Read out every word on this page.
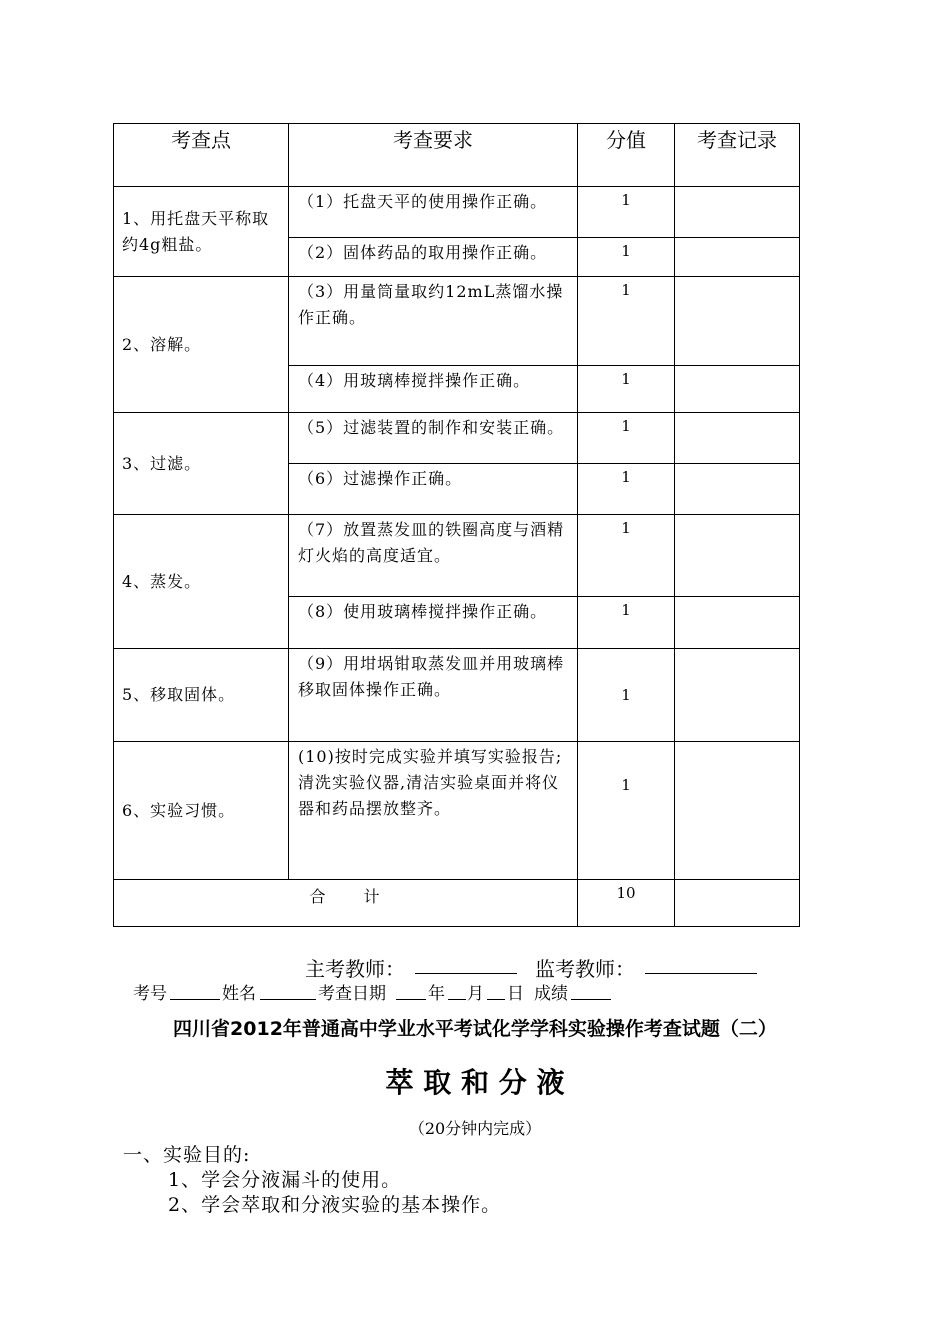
考查点	考查要求	分值	考查记录
1、用托盘天平称取约4g粗盐。	（1）托盘天平的使用操作正确。	1	
	（2）固体药品的取用操作正确。	1	
2、溶解。	（3）用量筒量取约12mL蒸馏水操作正确。	1	
	（4）用玻璃棒搅拌操作正确。	1	
3、过滤。	（5）过滤装置的制作和安装正确。	1	
	（6）过滤操作正确。	1	
4、蒸发。	（7）放置蒸发皿的铁圈高度与酒精灯火焰的高度适宜。	1	
	（8）使用玻璃棒搅拌操作正确。	1	
5、移取固体。	（9）用坩埚钳取蒸发皿并用玻璃棒移取固体操作正确。	1	
6、实验习惯。	(10)按时完成实验并填写实验报告;清洗实验仪器,清洁实验桌面并将仪器和药品摆放整齐。	1	
合　　计		10	
主考教师：	监考教师：
考号	姓名	考查日期 年 月 日 成绩
四川省2012年普通高中学业水平考试化学学科实验操作考查试题（二）
萃 取 和 分 液
（20分钟内完成）
一、实验目的:
1、学会分液漏斗的使用。
2、学会萃取和分液实验的基本操作。
